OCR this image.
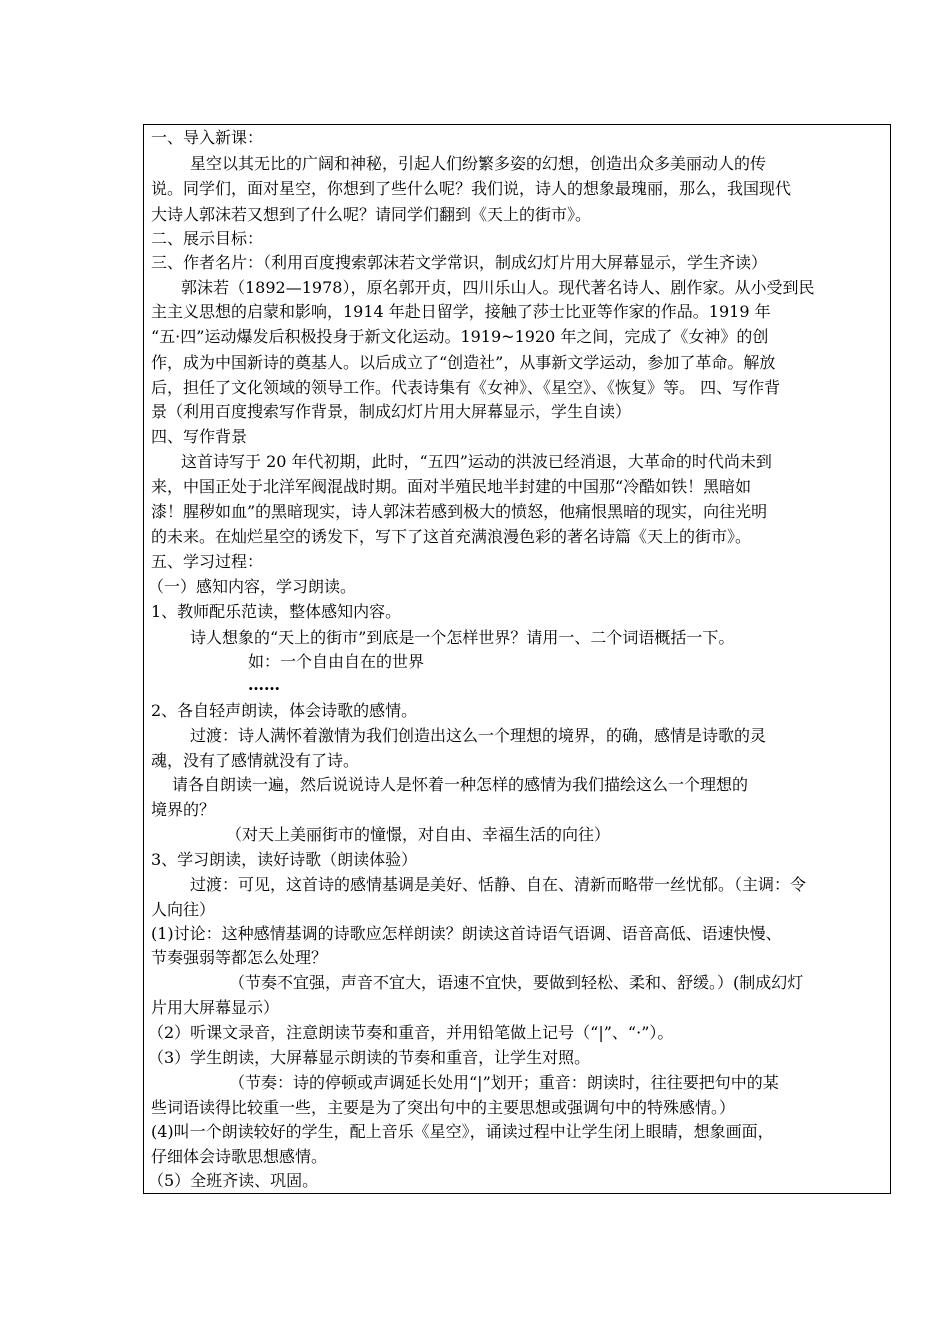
一、导入新课：
星空以其无比的广阔和神秘，引起人们纷繁多姿的幻想，创造出众多美丽动人的传
说。同学们，面对星空，你想到了些什么呢？我们说，诗人的想象最瑰丽，那么，我国现代
大诗人郭沫若又想到了什么呢？请同学们翻到《天上的街市》。
二、展示目标：
三、作者名片：（利用百度搜索郭沫若文学常识，制成幻灯片用大屏幕显示，学生齐读）
郭沫若（1892—1978），原名郭开贞，四川乐山人。现代著名诗人、剧作家。从小受到民
主主义思想的启蒙和影响，1914 年赴日留学，接触了莎士比亚等作家的作品。1919 年
“五·四”运动爆发后积极投身于新文化运动。1919~1920 年之间，完成了《女神》的创
作，成为中国新诗的奠基人。以后成立了“创造社”，从事新文学运动，参加了革命。解放
后，担任了文化领域的领导工作。代表诗集有《女神》、《星空》、《恢复》等。 四、写作背
景（利用百度搜索写作背景，制成幻灯片用大屏幕显示，学生自读）
四、写作背景
这首诗写于 20 年代初期，此时，“五四”运动的洪波已经消退，大革命的时代尚未到
来，中国正处于北洋军阀混战时期。面对半殖民地半封建的中国那“冷酷如铁！黑暗如
漆！腥秽如血”的黑暗现实，诗人郭沫若感到极大的愤怒，他痛恨黑暗的现实，向往光明
的未来。在灿烂星空的诱发下，写下了这首充满浪漫色彩的著名诗篇《天上的街市》。
五、学习过程：
（一）感知内容，学习朗读。
1、教师配乐范读，整体感知内容。
诗人想象的“天上的街市”到底是一个怎样世界？请用一、二个词语概括一下。
如：一个自由自在的世界
……
2、各自轻声朗读，体会诗歌的感情。
过渡：诗人满怀着激情为我们创造出这么一个理想的境界，的确，感情是诗歌的灵
魂，没有了感情就没有了诗。
请各自朗读一遍，然后说说诗人是怀着一种怎样的感情为我们描绘这么一个理想的
境界的？
（对天上美丽街市的憧憬，对自由、幸福生活的向往）
3、学习朗读，读好诗歌（朗读体验）
过渡：可见，这首诗的感情基调是美好、恬静、自在、清新而略带一丝忧郁。（主调：令
人向往）
(1)讨论：这种感情基调的诗歌应怎样朗读？朗读这首诗语气语调、语音高低、语速快慢、
节奏强弱等都怎么处理？
（节奏不宜强，声音不宜大，语速不宜快，要做到轻松、柔和、舒缓。）(制成幻灯
片用大屏幕显示）
（2）听课文录音，注意朗读节奏和重音，并用铅笔做上记号（“|”、“·”）。
（3）学生朗读，大屏幕显示朗读的节奏和重音，让学生对照。
（节奏：诗的停顿或声调延长处用“|”划开；重音：朗读时，往往要把句中的某
些词语读得比较重一些，主要是为了突出句中的主要思想或强调句中的特殊感情。）
(4)叫一个朗读较好的学生，配上音乐《星空》，诵读过程中让学生闭上眼睛，想象画面，
仔细体会诗歌思想感情。
（5）全班齐读、巩固。
